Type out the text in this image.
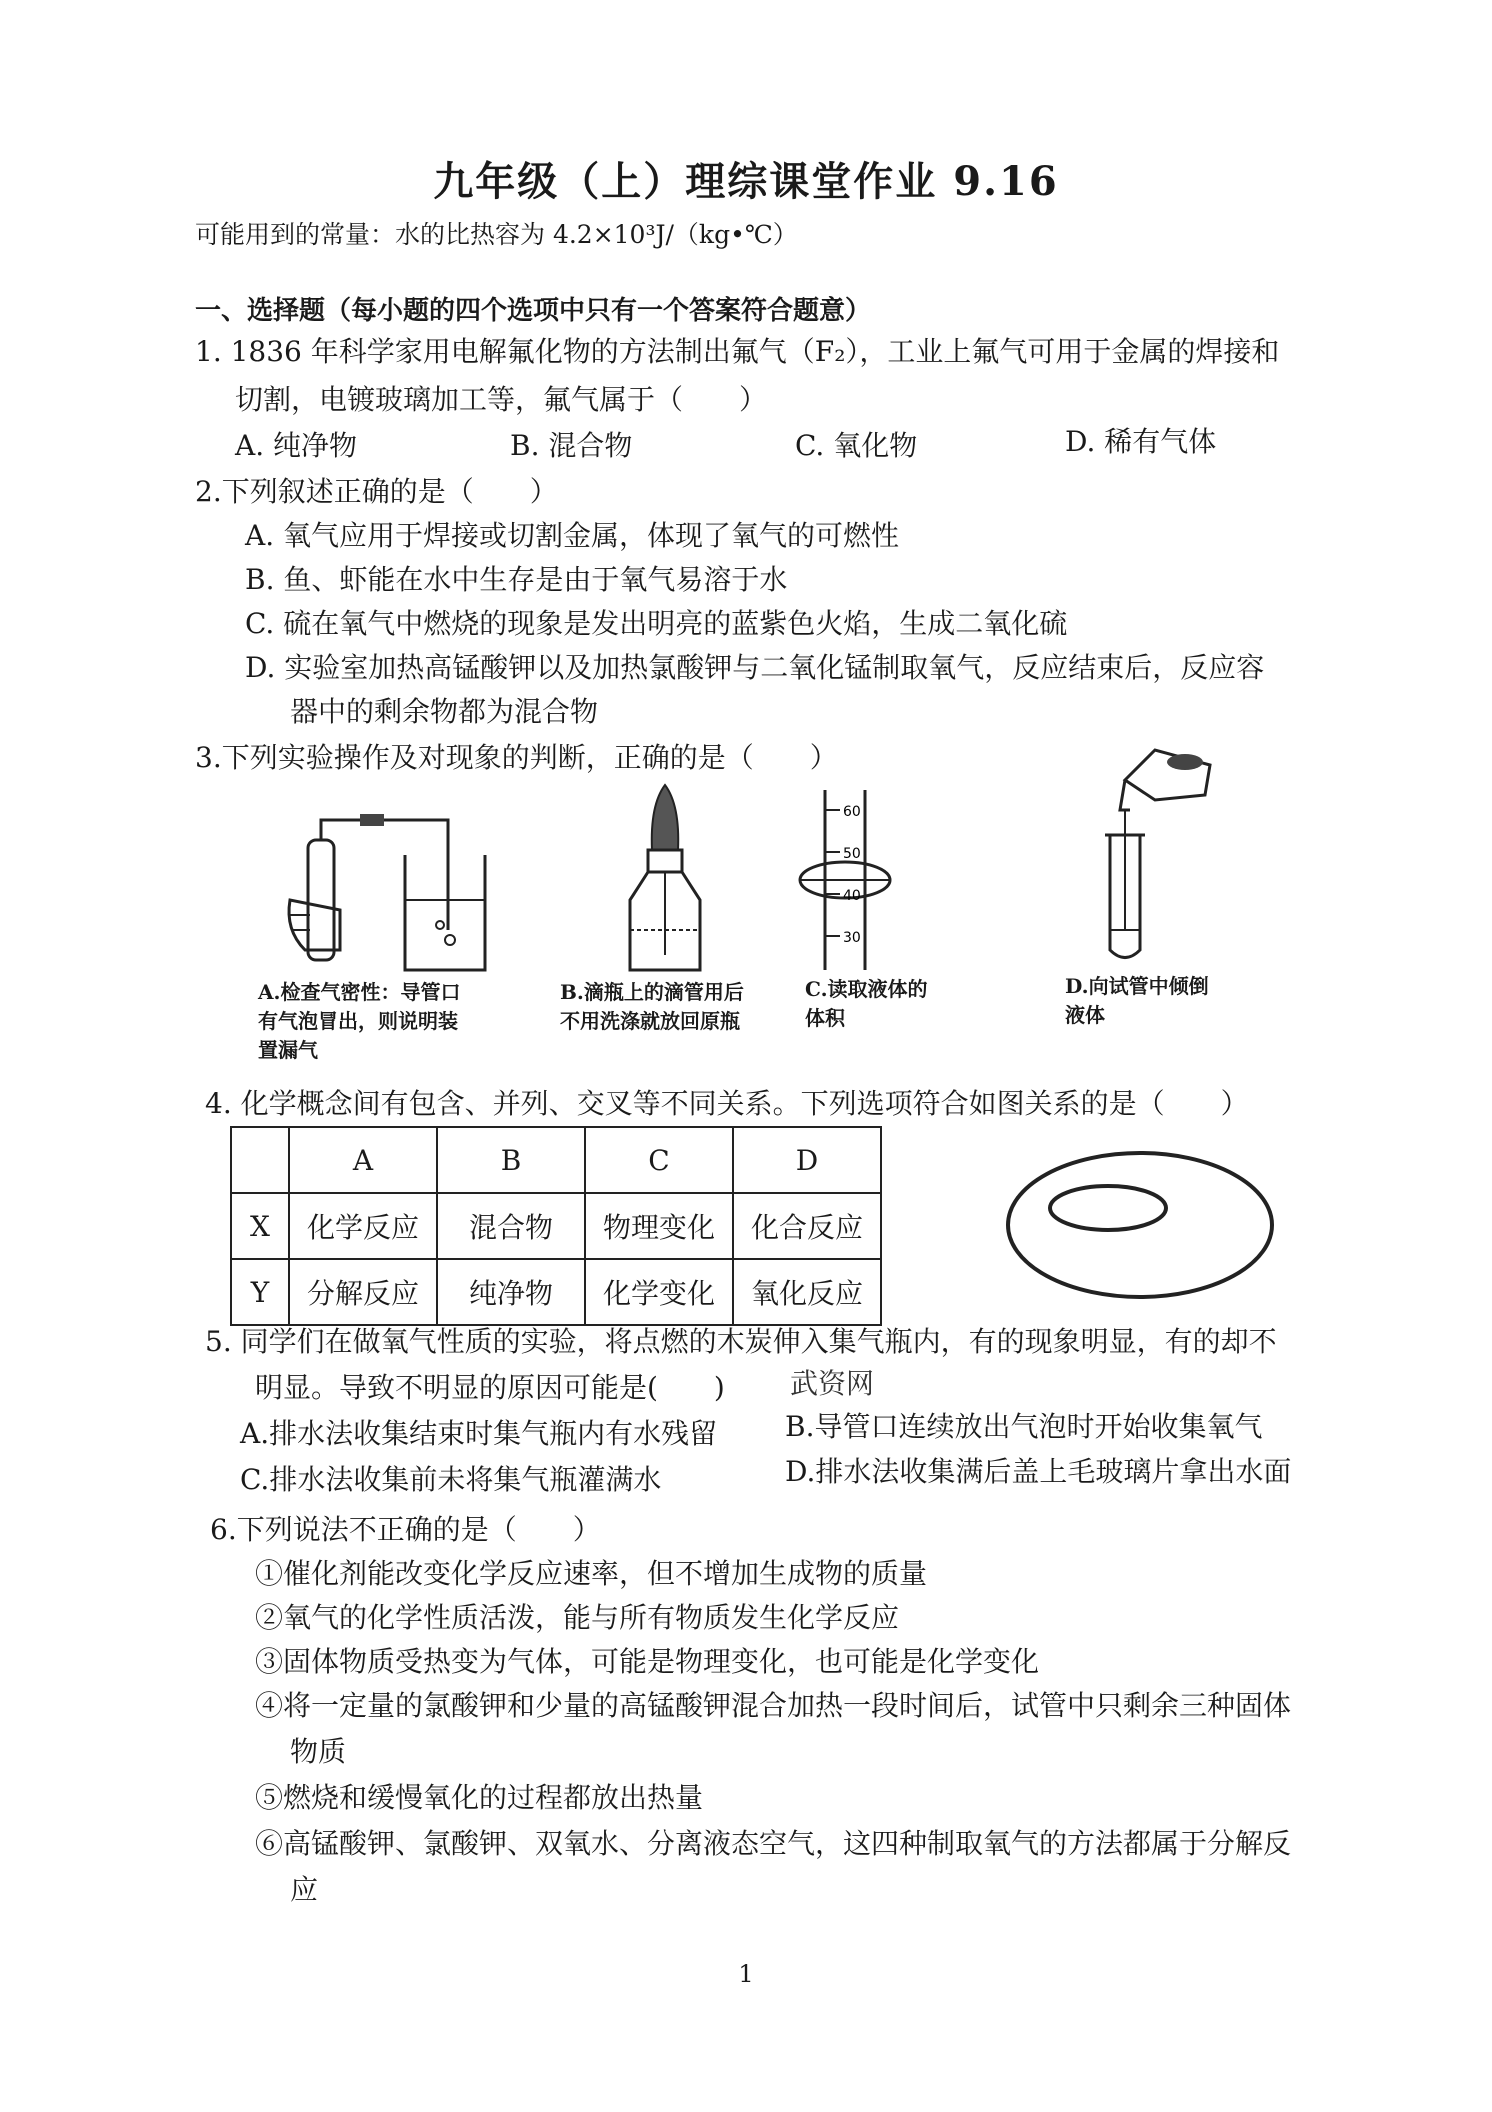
九年级（上）理综课堂作业 9.16
可能用到的常量：水的比热容为 4.2×10³J/（kg•℃）
一、选择题（每小题的四个选项中只有一个答案符合题意）
1. 1836 年科学家用电解氟化物的方法制出氟气（F₂），工业上氟气可用于金属的焊接和
切割，电镀玻璃加工等，氟气属于（　　）
A. 纯净物	B. 混合物	C. 氧化物	D. 稀有气体
2.下列叙述正确的是（　　）
A. 氧气应用于焊接或切割金属，体现了氧气的可燃性
B. 鱼、虾能在水中生存是由于氧气易溶于水
C. 硫在氧气中燃烧的现象是发出明亮的蓝紫色火焰，生成二氧化硫
D. 实验室加热高锰酸钾以及加热氯酸钾与二氧化锰制取氧气，反应结束后，反应容
器中的剩余物都为混合物
3.下列实验操作及对现象的判断，正确的是（　　）
60
50
40
30
A.检查气密性：导管口有气泡冒出，则说明装置漏气
B.滴瓶上的滴管用后不用洗涤就放回原瓶
C.读取液体的体积
D.向试管中倾倒液体
4. 化学概念间有包含、并列、交叉等不同关系。下列选项符合如图关系的是（　　）
	A	B	C	D
X	化学反应	混合物	物理变化	化合反应
Y	分解反应	纯净物	化学变化	氧化反应
5. 同学们在做氧气性质的实验，将点燃的木炭伸入集气瓶内，有的现象明显，有的却不
明显。导致不明显的原因可能是(　　) 武资网
A.排水法收集结束时集气瓶内有水残留 B.导管口连续放出气泡时开始收集氧气
C.排水法收集前未将集气瓶灌满水	D.排水法收集满后盖上毛玻璃片拿出水面
6.下列说法不正确的是（　　）
①催化剂能改变化学反应速率，但不增加生成物的质量
②氧气的化学性质活泼，能与所有物质发生化学反应
③固体物质受热变为气体，可能是物理变化，也可能是化学变化
④将一定量的氯酸钾和少量的高锰酸钾混合加热一段时间后，试管中只剩余三种固体
物质
⑤燃烧和缓慢氧化的过程都放出热量
⑥高锰酸钾、氯酸钾、双氧水、分离液态空气，这四种制取氧气的方法都属于分解反
应
1
